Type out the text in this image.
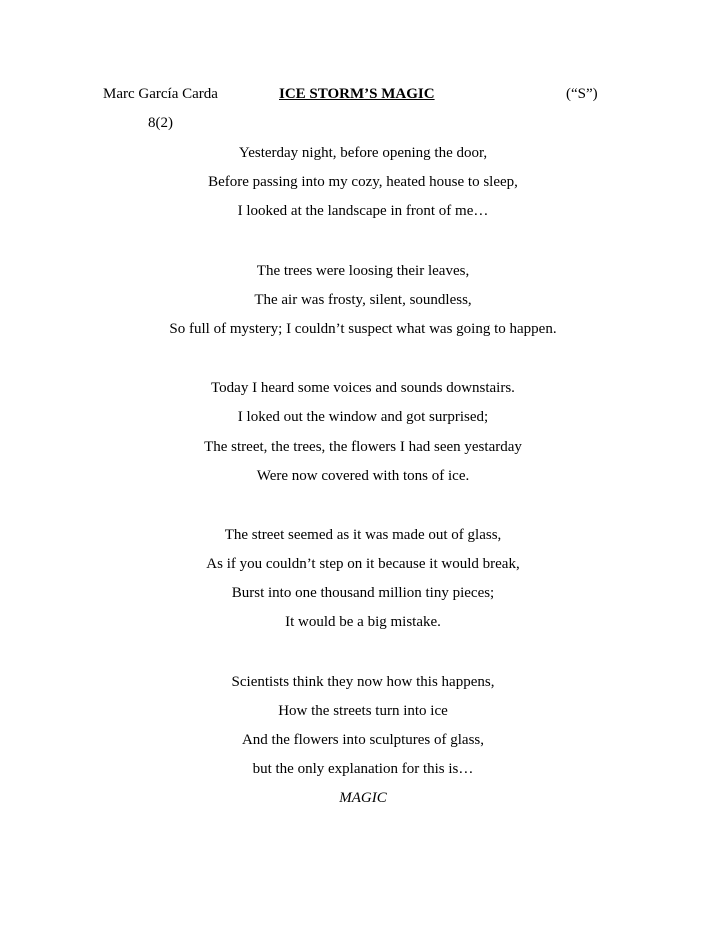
Marc García Carda	ICE STORM’S MAGIC	(“S”)
8(2)
Yesterday night, before opening the door,
Before passing into my cozy, heated house to sleep,
I looked at the landscape in front of me…
The trees were loosing their leaves,
The air was frosty, silent, soundless,
So full of mystery; I couldn’t suspect what was going to happen.
Today I heard some voices and sounds downstairs.
I loked out the window and got surprised;
The street, the trees, the flowers I had seen yestarday
Were now covered with tons of ice.
The street seemed as it was made out of glass,
As if you couldn’t step on it because it would break,
Burst into one thousand million tiny pieces;
It would be a big mistake.
Scientists think they now how this happens,
How the streets turn into ice
And the flowers into sculptures of glass,
but the only explanation for this is…
MAGIC
